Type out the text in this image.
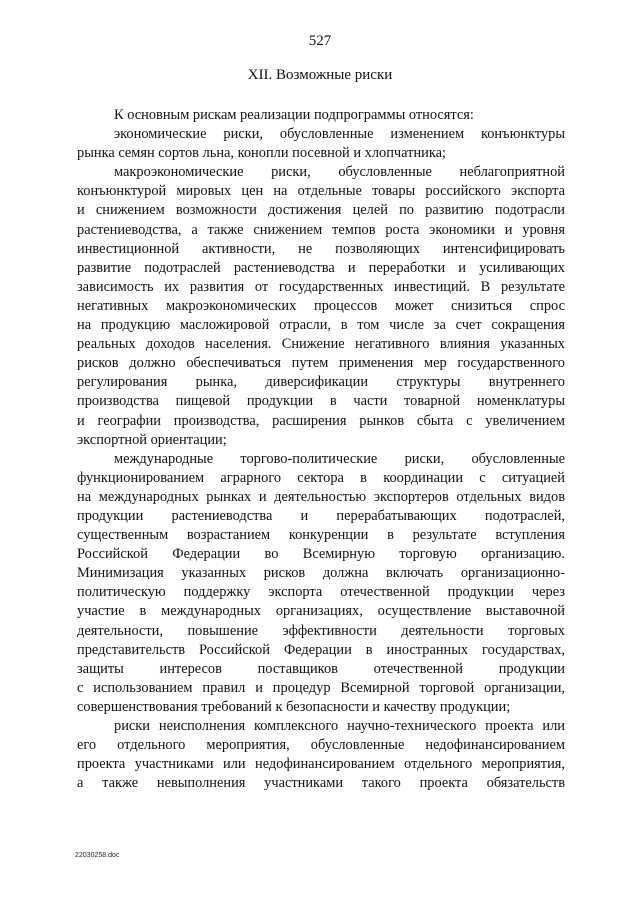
527
XII. Возможные риски
К основным рискам реализации подпрограммы относятся:
экономические риски, обусловленные изменением конъюнктуры
рынка семян сортов льна, конопли посевной и хлопчатника;
макроэкономические риски, обусловленные неблагоприятной
конъюнктурой мировых цен на отдельные товары российского экспорта
и снижением возможности достижения целей по развитию подотрасли
растениеводства, а также снижением темпов роста экономики и уровня
инвестиционной активности, не позволяющих интенсифицировать
развитие подотраслей растениеводства и переработки и усиливающих
зависимость их развития от государственных инвестиций. В результате
негативных макроэкономических процессов может снизиться спрос
на продукцию масложировой отрасли, в том числе за счет сокращения
реальных доходов населения. Снижение негативного влияния указанных
рисков должно обеспечиваться путем применения мер государственного
регулирования рынка, диверсификации структуры внутреннего
производства пищевой продукции в части товарной номенклатуры
и географии производства, расширения рынков сбыта с увеличением
экспортной ориентации;
международные торгово-политические риски, обусловленные
функционированием аграрного сектора в координации с ситуацией
на международных рынках и деятельностью экспортеров отдельных видов
продукции растениеводства и перерабатывающих подотраслей,
существенным возрастанием конкуренции в результате вступления
Российской Федерации во Всемирную торговую организацию.
Минимизация указанных рисков должна включать организационно-
политическую поддержку экспорта отечественной продукции через
участие в международных организациях, осуществление выставочной
деятельности, повышение эффективности деятельности торговых
представительств Российской Федерации в иностранных государствах,
защиты интересов поставщиков отечественной продукции
с использованием правил и процедур Всемирной торговой организации,
совершенствования требований к безопасности и качеству продукции;
риски неисполнения комплексного научно-технического проекта или
его отдельного мероприятия, обусловленные недофинансированием
проекта участниками или недофинансированием отдельного мероприятия,
а также невыполнения участниками такого проекта обязательств
22030258.doc
